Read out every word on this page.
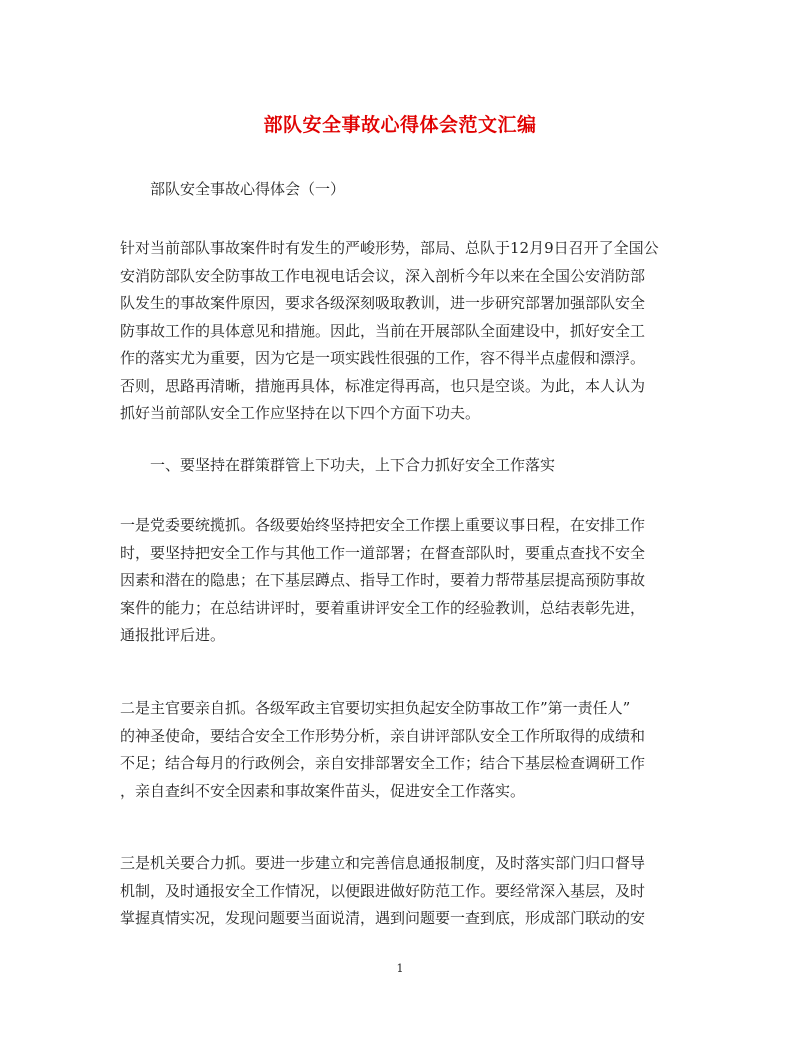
部队安全事故心得体会范文汇编
部队安全事故心得体会（一）
针对当前部队事故案件时有发生的严峻形势，部局、总队于12月9日召开了全国公
安消防部队安全防事故工作电视电话会议，深入剖析今年以来在全国公安消防部
队发生的事故案件原因，要求各级深刻吸取教训，进一步研究部署加强部队安全
防事故工作的具体意见和措施。因此，当前在开展部队全面建设中，抓好安全工
作的落实尤为重要，因为它是一项实践性很强的工作，容不得半点虚假和漂浮。
否则，思路再清晰，措施再具体，标准定得再高，也只是空谈。为此，本人认为
抓好当前部队安全工作应坚持在以下四个方面下功夫。
一、要坚持在群策群管上下功夫，上下合力抓好安全工作落实
一是党委要统揽抓。各级要始终坚持把安全工作摆上重要议事日程，在安排工作
时，要坚持把安全工作与其他工作一道部署；在督查部队时，要重点查找不安全
因素和潜在的隐患；在下基层蹲点、指导工作时，要着力帮带基层提高预防事故
案件的能力；在总结讲评时，要着重讲评安全工作的经验教训，总结表彰先进，
通报批评后进。
二是主官要亲自抓。各级军政主官要切实担负起安全防事故工作”第一责任人”
的神圣使命，要结合安全工作形势分析，亲自讲评部队安全工作所取得的成绩和
不足；结合每月的行政例会，亲自安排部署安全工作；结合下基层检查调研工作
，亲自查纠不安全因素和事故案件苗头，促进安全工作落实。
三是机关要合力抓。要进一步建立和完善信息通报制度，及时落实部门归口督导
机制，及时通报安全工作情况，以便跟进做好防范工作。要经常深入基层，及时
掌握真情实况，发现问题要当面说清，遇到问题要一查到底，形成部门联动的安
1
